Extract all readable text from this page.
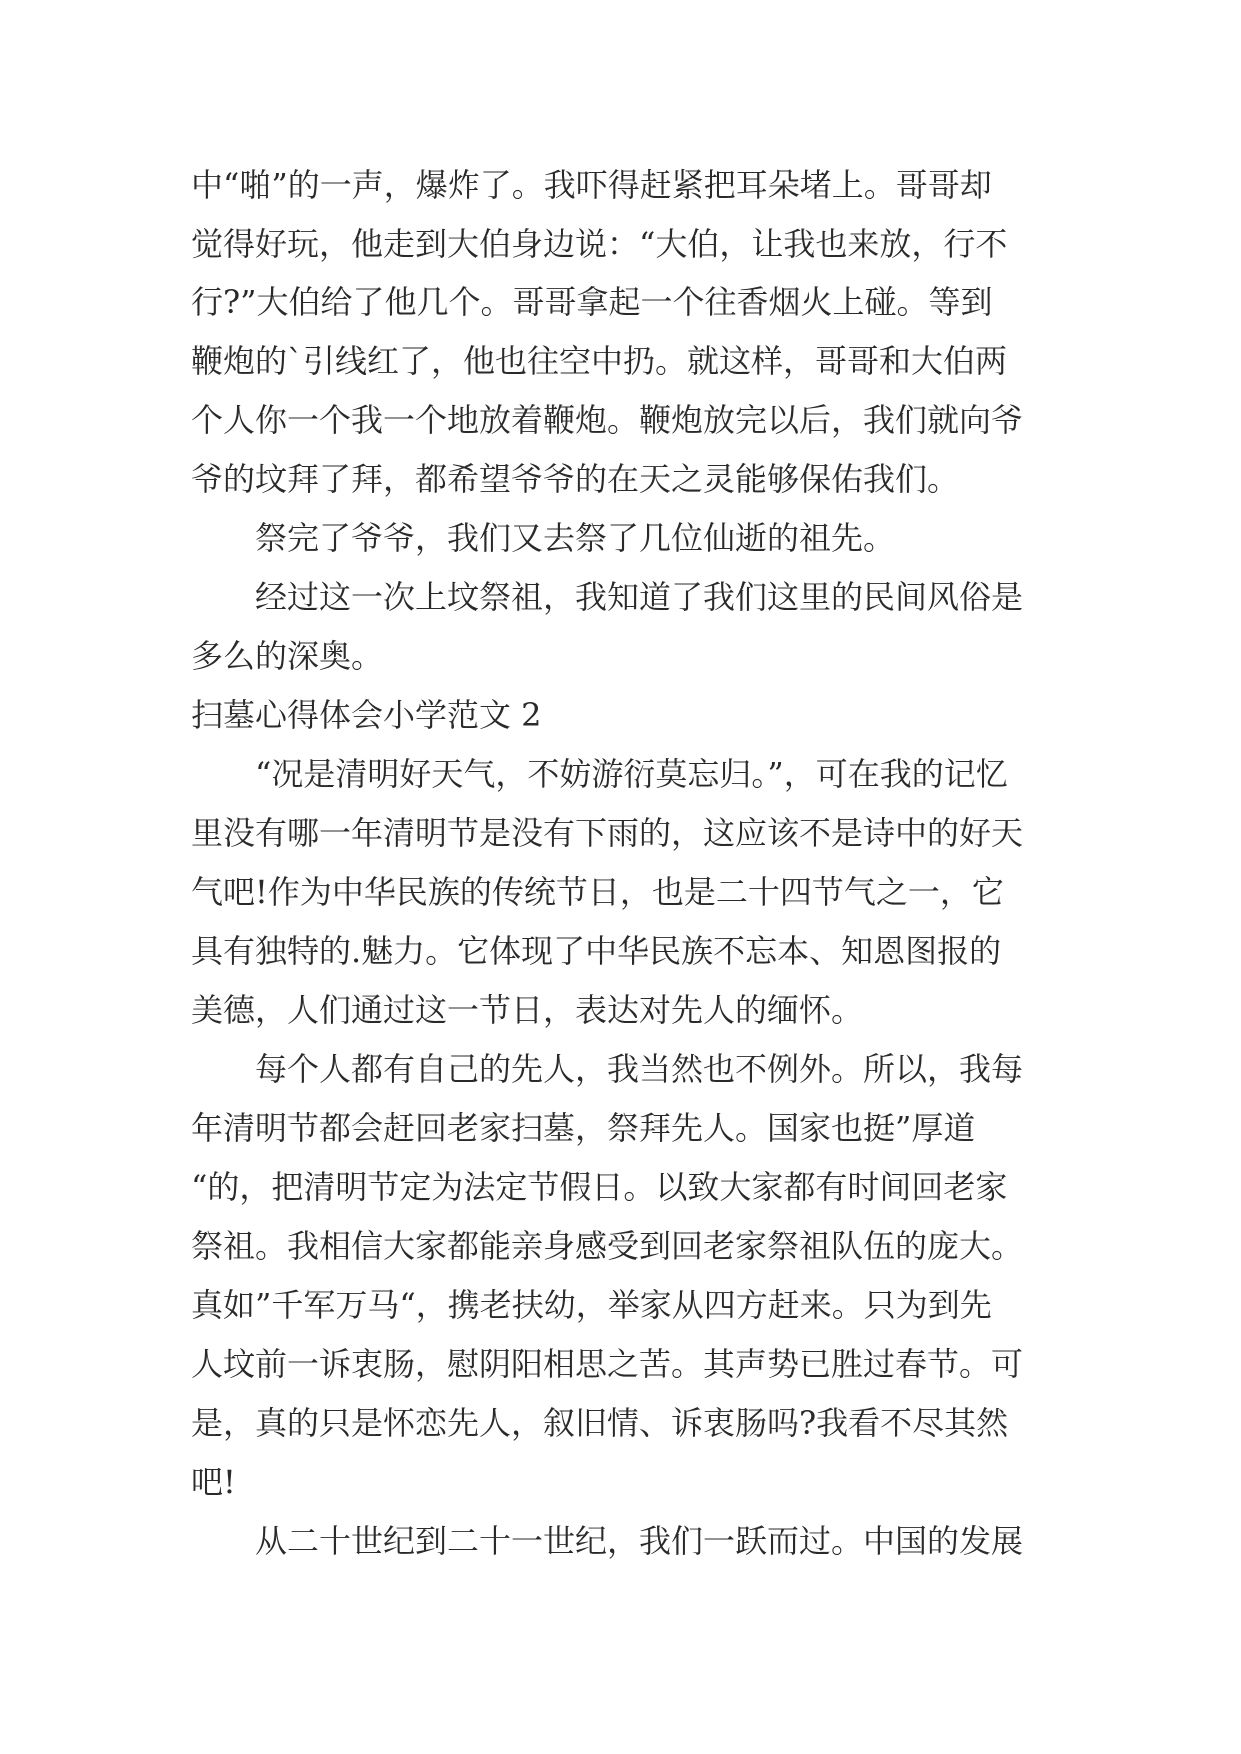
中“啪”的一声，爆炸了。我吓得赶紧把耳朵堵上。哥哥却
觉得好玩，他走到大伯身边说：“大伯，让我也来放，行不
行?”大伯给了他几个。哥哥拿起一个往香烟火上碰。等到
鞭炮的`引线红了，他也往空中扔。就这样，哥哥和大伯两
个人你一个我一个地放着鞭炮。鞭炮放完以后，我们就向爷
爷的坟拜了拜，都希望爷爷的在天之灵能够保佑我们。
祭完了爷爷，我们又去祭了几位仙逝的祖先。
经过这一次上坟祭祖，我知道了我们这里的民间风俗是
多么的深奥。
扫墓心得体会小学范文 2
“况是清明好天气，不妨游衍莫忘归。”，可在我的记忆
里没有哪一年清明节是没有下雨的，这应该不是诗中的好天
气吧!作为中华民族的传统节日，也是二十四节气之一，它
具有独特的.魅力。它体现了中华民族不忘本、知恩图报的
美德，人们通过这一节日，表达对先人的缅怀。
每个人都有自己的先人，我当然也不例外。所以，我每
年清明节都会赶回老家扫墓，祭拜先人。国家也挺”厚道
“的，把清明节定为法定节假日。以致大家都有时间回老家
祭祖。我相信大家都能亲身感受到回老家祭祖队伍的庞大。
真如”千军万马“，携老扶幼，举家从四方赶来。只为到先
人坟前一诉衷肠，慰阴阳相思之苦。其声势已胜过春节。可
是，真的只是怀恋先人，叙旧情、诉衷肠吗?我看不尽其然
吧!
从二十世纪到二十一世纪，我们一跃而过。中国的发展
